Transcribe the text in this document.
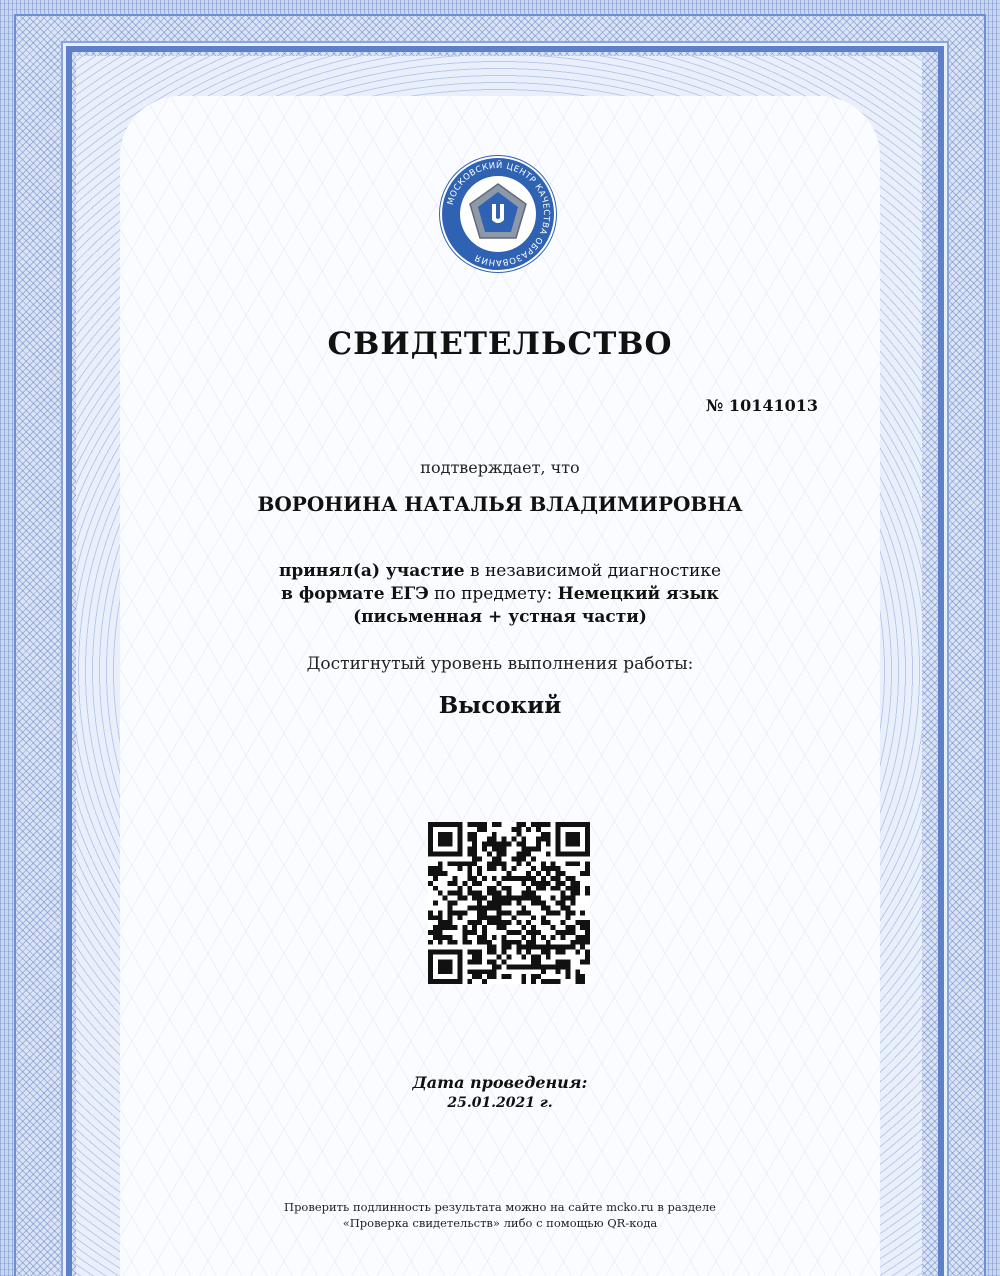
МОСКОВСКИЙ ЦЕНТР КАЧЕСТВА ОБРАЗОВАНИЯ
СВИДЕТЕЛЬСТВО
№ 10141013
подтверждает, что
ВОРОНИНА НАТАЛЬЯ ВЛАДИМИРОВНА
принял(а) участие в независимой диагностике
в формате ЕГЭ по предмету: Немецкий язык
(письменная + устная части)
Достигнутый уровень выполнения работы:
Высокий
Дата проведения:
25.01.2021 г.
Проверить подлинность результата можно на сайте mcko.ru в разделе
«Проверка свидетельств» либо с помощью QR-кода
